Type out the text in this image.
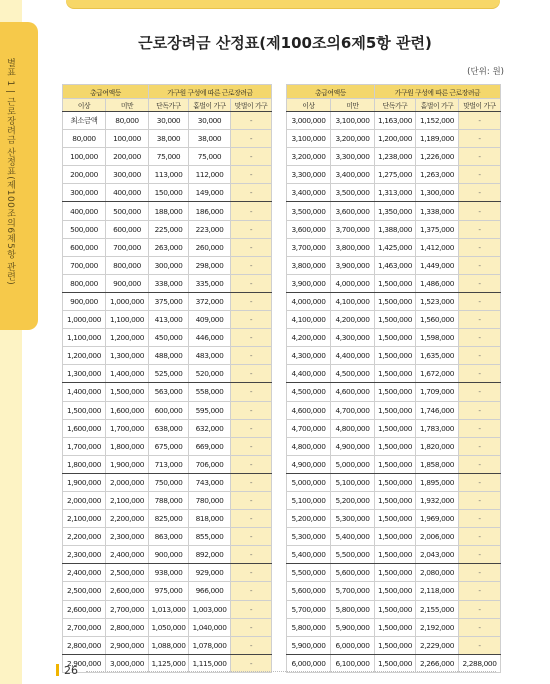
별표 1 | 근로장려금 산정표(제100조의6제5항 관련)
근로장려금 산정표(제100조의6제5항 관련)
(단위: 원)
총급여액등		가구원 구성에 따른 근로장려금		
이상	미만	단독가구	홑벌이 가구	맞벌이 가구
최소금액	80,000	30,000	30,000	-
80,000	100,000	38,000	38,000	-
100,000	200,000	75,000	75,000	-
200,000	300,000	113,000	112,000	-
300,000	400,000	150,000	149,000	-
400,000	500,000	188,000	186,000	-
500,000	600,000	225,000	223,000	-
600,000	700,000	263,000	260,000	-
700,000	800,000	300,000	298,000	-
800,000	900,000	338,000	335,000	-
900,000	1,000,000	375,000	372,000	-
1,000,000	1,100,000	413,000	409,000	-
1,100,000	1,200,000	450,000	446,000	-
1,200,000	1,300,000	488,000	483,000	-
1,300,000	1,400,000	525,000	520,000	-
1,400,000	1,500,000	563,000	558,000	-
1,500,000	1,600,000	600,000	595,000	-
1,600,000	1,700,000	638,000	632,000	-
1,700,000	1,800,000	675,000	669,000	-
1,800,000	1,900,000	713,000	706,000	-
1,900,000	2,000,000	750,000	743,000	-
2,000,000	2,100,000	788,000	780,000	-
2,100,000	2,200,000	825,000	818,000	-
2,200,000	2,300,000	863,000	855,000	-
2,300,000	2,400,000	900,000	892,000	-
2,400,000	2,500,000	938,000	929,000	-
2,500,000	2,600,000	975,000	966,000	-
2,600,000	2,700,000	1,013,000	1,003,000	-
2,700,000	2,800,000	1,050,000	1,040,000	-
2,800,000	2,900,000	1,088,000	1,078,000	-
2,900,000	3,000,000	1,125,000	1,115,000	-
총급여액등		가구원 구성에 따른 근로장려금		
이상	미만	단독가구	홑벌이 가구	맞벌이 가구
3,000,000	3,100,000	1,163,000	1,152,000	-
3,100,000	3,200,000	1,200,000	1,189,000	-
3,200,000	3,300,000	1,238,000	1,226,000	-
3,300,000	3,400,000	1,275,000	1,263,000	-
3,400,000	3,500,000	1,313,000	1,300,000	-
3,500,000	3,600,000	1,350,000	1,338,000	-
3,600,000	3,700,000	1,388,000	1,375,000	-
3,700,000	3,800,000	1,425,000	1,412,000	-
3,800,000	3,900,000	1,463,000	1,449,000	-
3,900,000	4,000,000	1,500,000	1,486,000	-
4,000,000	4,100,000	1,500,000	1,523,000	-
4,100,000	4,200,000	1,500,000	1,560,000	-
4,200,000	4,300,000	1,500,000	1,598,000	-
4,300,000	4,400,000	1,500,000	1,635,000	-
4,400,000	4,500,000	1,500,000	1,672,000	-
4,500,000	4,600,000	1,500,000	1,709,000	-
4,600,000	4,700,000	1,500,000	1,746,000	-
4,700,000	4,800,000	1,500,000	1,783,000	-
4,800,000	4,900,000	1,500,000	1,820,000	-
4,900,000	5,000,000	1,500,000	1,858,000	-
5,000,000	5,100,000	1,500,000	1,895,000	-
5,100,000	5,200,000	1,500,000	1,932,000	-
5,200,000	5,300,000	1,500,000	1,969,000	-
5,300,000	5,400,000	1,500,000	2,006,000	-
5,400,000	5,500,000	1,500,000	2,043,000	-
5,500,000	5,600,000	1,500,000	2,080,000	-
5,600,000	5,700,000	1,500,000	2,118,000	-
5,700,000	5,800,000	1,500,000	2,155,000	-
5,800,000	5,900,000	1,500,000	2,192,000	-
5,900,000	6,000,000	1,500,000	2,229,000	-
6,000,000	6,100,000	1,500,000	2,266,000	2,288,000
26
